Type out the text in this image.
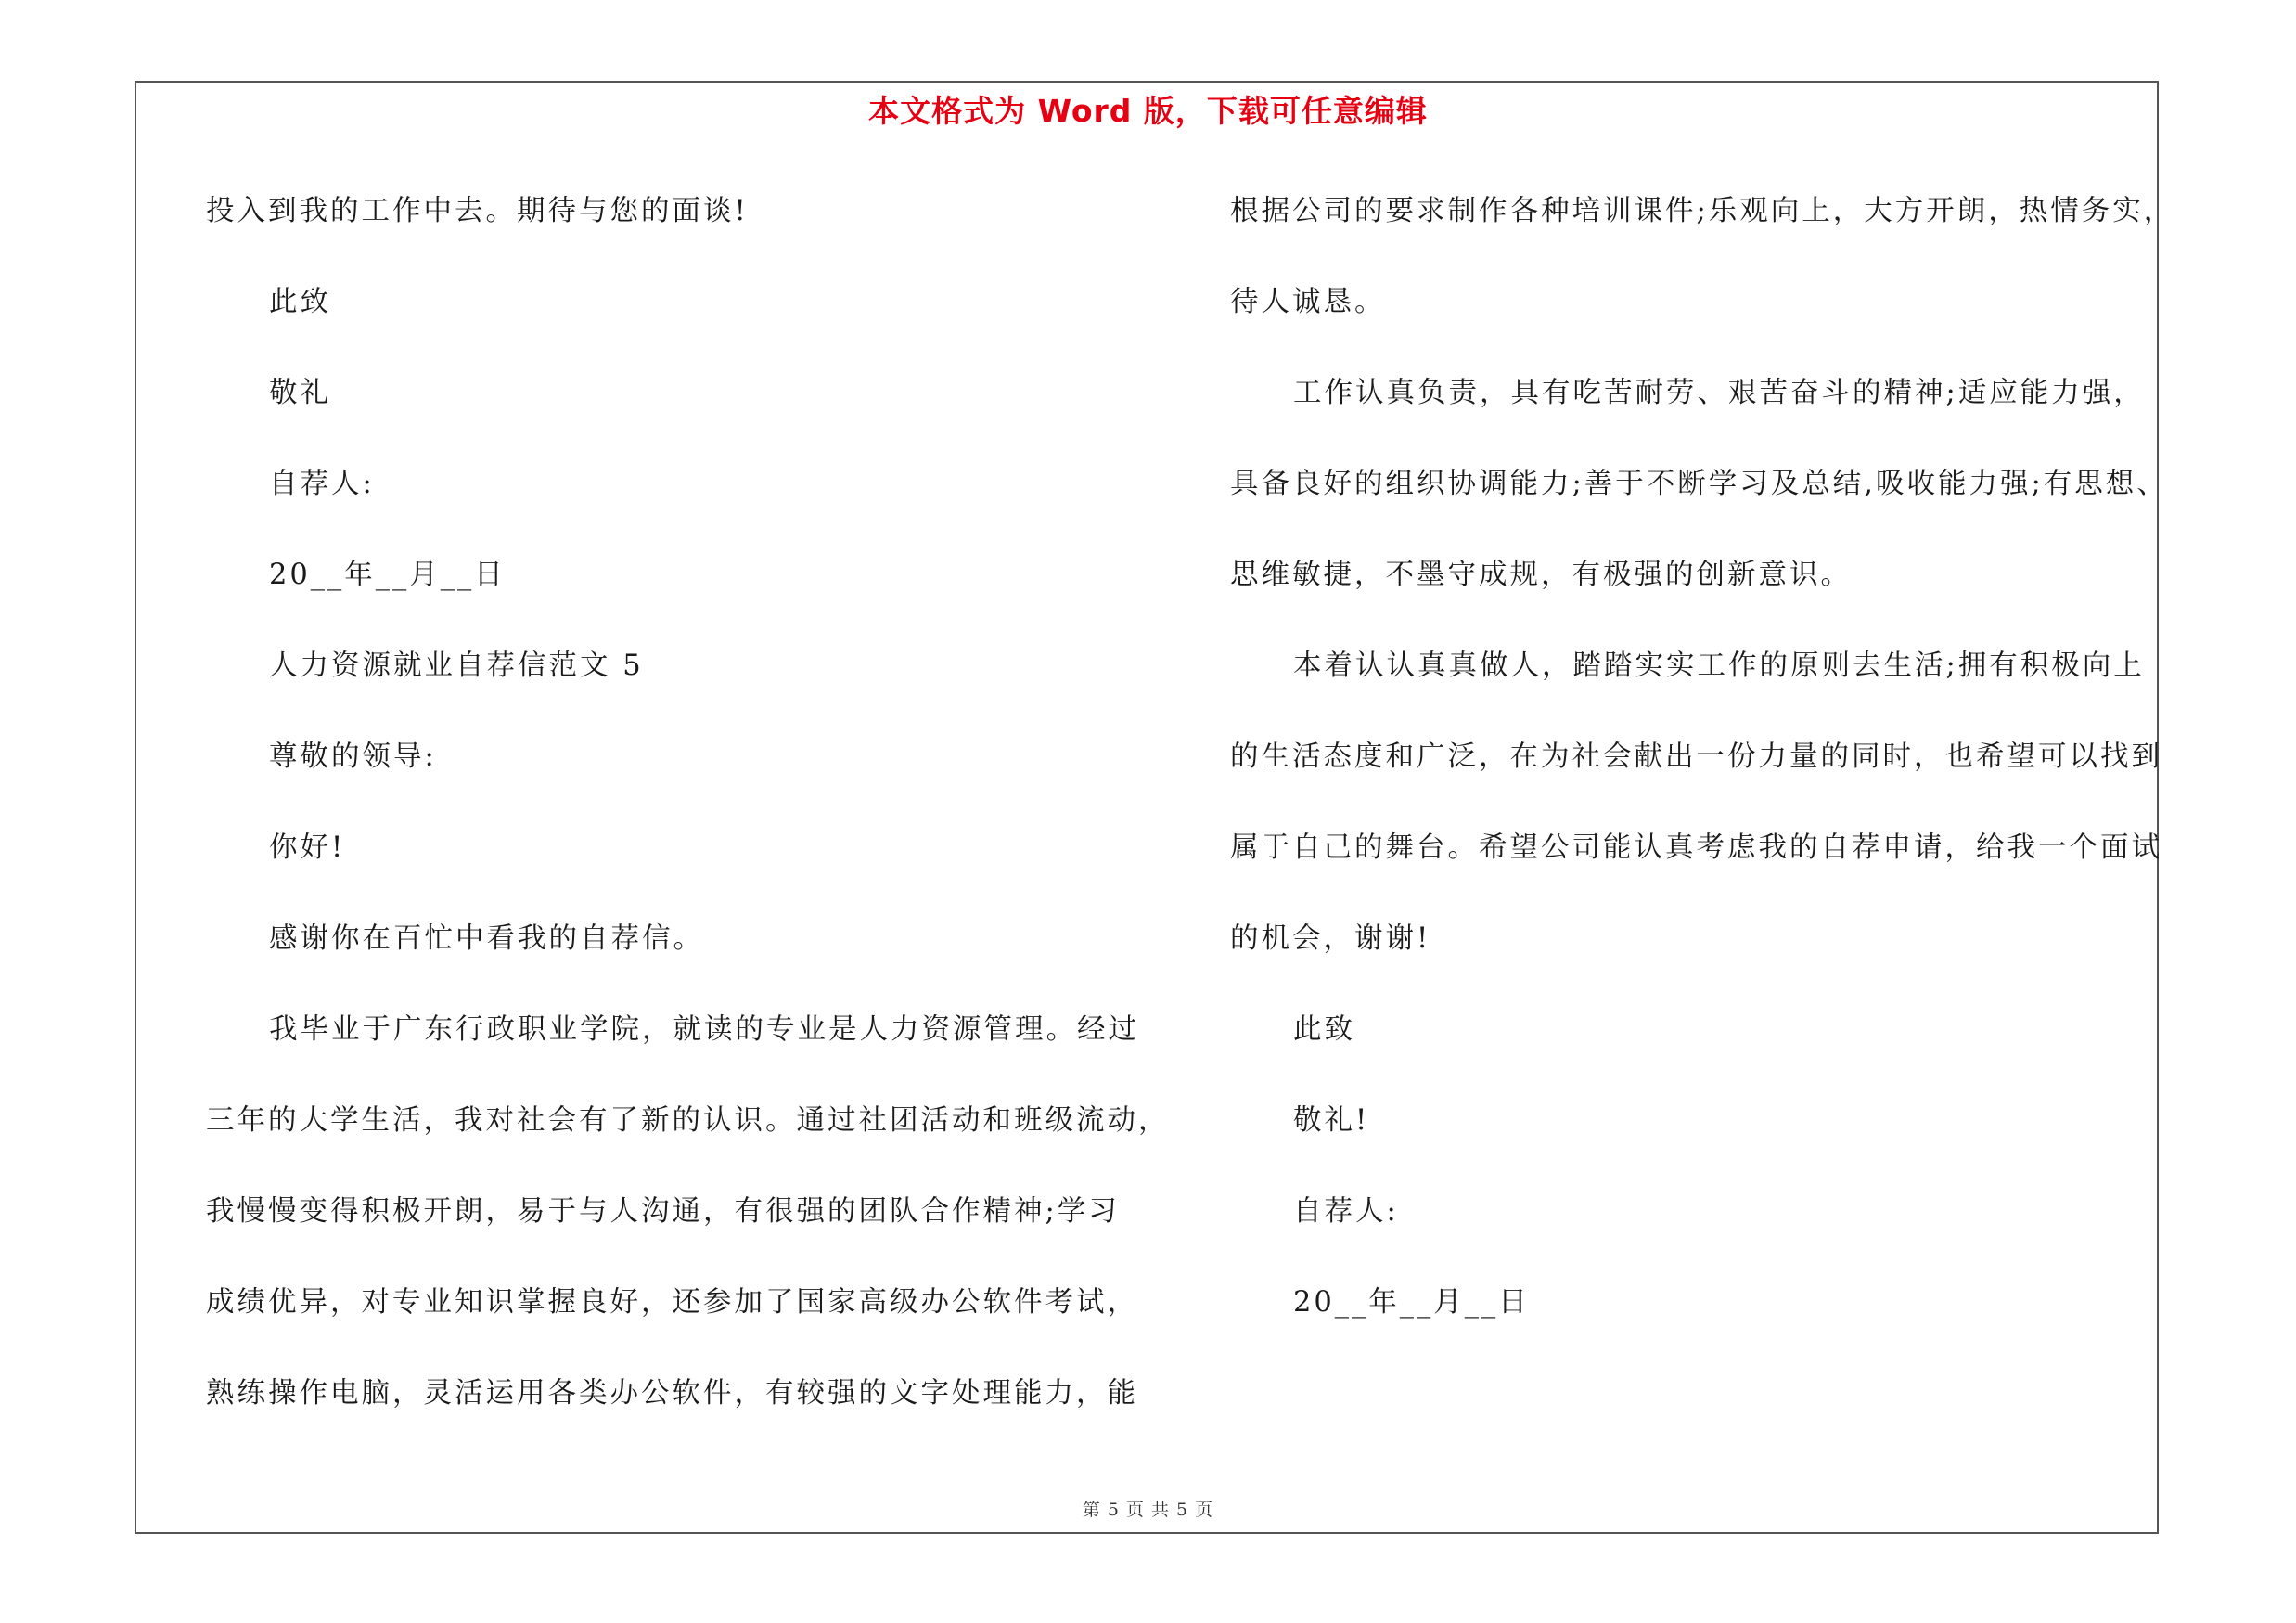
本文格式为 Word 版，下载可任意编辑
投入到我的工作中去。期待与您的面谈!
此致
敬礼
自荐人:
20__年__月__日
人力资源就业自荐信范文 5
尊敬的领导:
你好!
感谢你在百忙中看我的自荐信。
我毕业于广东行政职业学院，就读的专业是人力资源管理。经过
三年的大学生活，我对社会有了新的认识。通过社团活动和班级流动，
我慢慢变得积极开朗，易于与人沟通，有很强的团队合作精神;学习
成绩优异，对专业知识掌握良好，还参加了国家高级办公软件考试，
熟练操作电脑，灵活运用各类办公软件，有较强的文字处理能力，能
根据公司的要求制作各种培训课件;乐观向上，大方开朗，热情务实，
待人诚恳。
工作认真负责，具有吃苦耐劳、艰苦奋斗的精神;适应能力强，
具备良好的组织协调能力;善于不断学习及总结,吸收能力强;有思想、
思维敏捷，不墨守成规，有极强的创新意识。
本着认认真真做人，踏踏实实工作的原则去生活;拥有积极向上
的生活态度和广泛，在为社会献出一份力量的同时，也希望可以找到
属于自己的舞台。希望公司能认真考虑我的自荐申请，给我一个面试
的机会，谢谢!
此致
敬礼!
自荐人:
20__年__月__日
第 5 页 共 5 页
